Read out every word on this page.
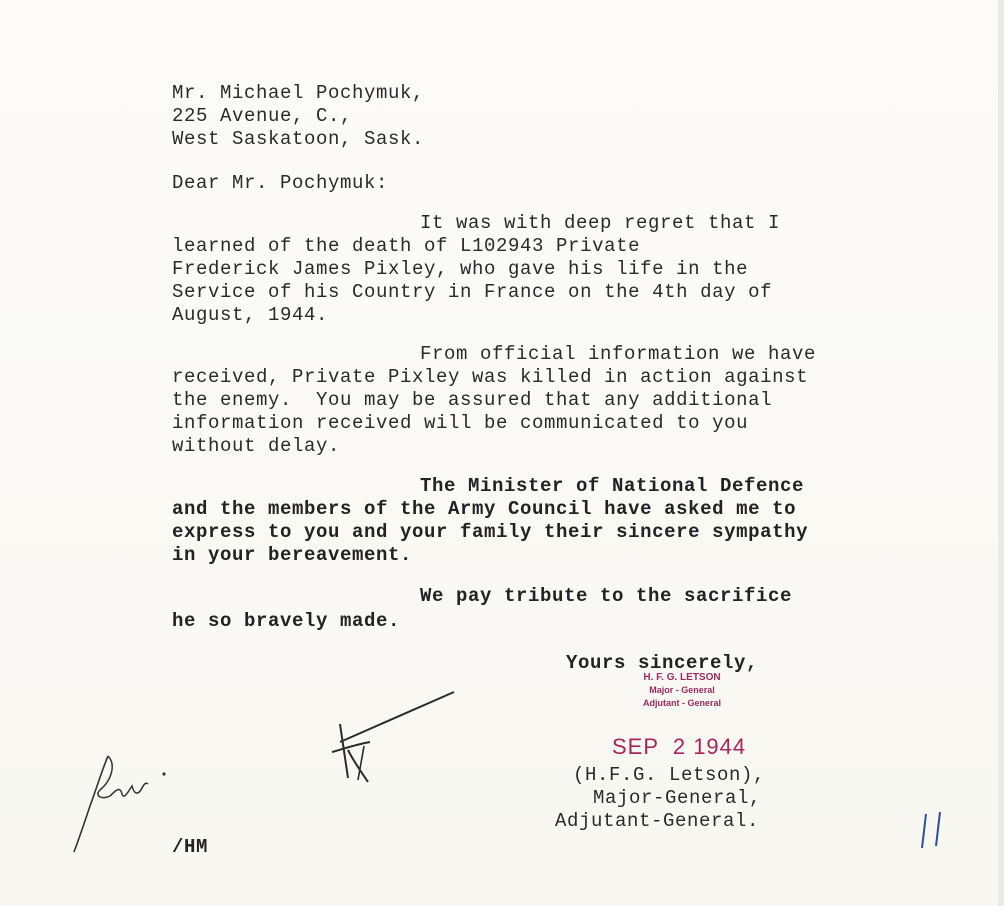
Mr. Michael Pochymuk,
225 Avenue, C.,
West Saskatoon, Sask.
Dear Mr. Pochymuk:
It was with deep regret that I
learned of the death of L102943 Private
Frederick James Pixley, who gave his life in the
Service of his Country in France on the 4th day of
August, 1944.
From official information we have
received, Private Pixley was killed in action against
the enemy.  You may be assured that any additional
information received will be communicated to you
without delay.
The Minister of National Defence
and the members of the Army Council have asked me to
express to you and your family their sincere sympathy
in your bereavement.
We pay tribute to the sacrifice
he so bravely made.
Yours sincerely,
H. F. G. LETSON
Major - General
Adjutant - General
SEP  2 1944
(H.F.G. Letson),
Major-General,
Adjutant-General.
/HM
